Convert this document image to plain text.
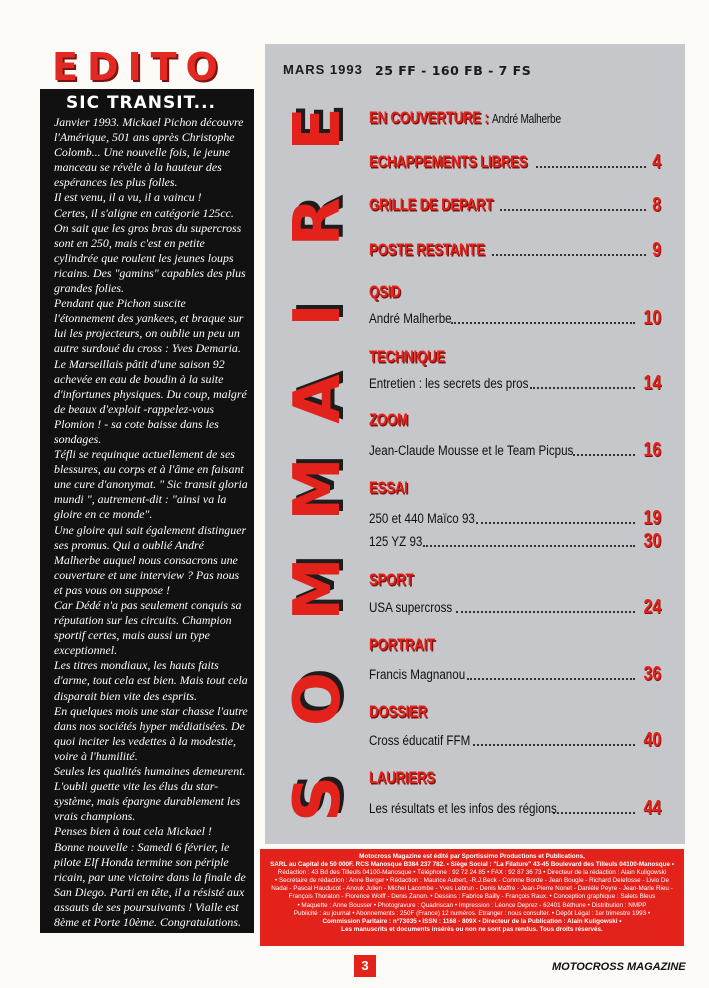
EDITO
SIC TRANSIT...

Janvier 1993. Mickael Pichon découvre l'Amérique, 501 ans après Christophe Colomb... Une nouvelle fois, le jeune manceau se révèle à la hauteur des espérances les plus folles.

Il est venu, il a vu, il a vaincu !

Certes, il s'aligne en catégorie 125cc. On sait que les gros bras du supercross sont en 250, mais c'est en petite cylindrée que roulent les jeunes loups ricains. Des "gamins" capables des plus grandes folies.

Pendant que Pichon suscite l'étonnement des yankees, et braque sur lui les projecteurs, on oublie un peu un autre surdoué du cross : Yves Demaria. Le Marseillais pâtit d'une saison 92 achevée en eau de boudin à la suite d'infortunes physiques. Du coup, malgré de beaux d'exploit -rappelez-vous Plomion ! - sa cote baisse dans les sondages.

Téfli se requinque actuellement de ses blessures, au corps et à l'âme en faisant une cure d'anonymat. " Sic transit gloria mundi ", autrement-dit : "ainsi va la gloire en ce monde".

Une gloire qui sait également distinguer ses promus. Qui a oublié André Malherbe auquel nous consacrons une couverture et une interview ? Pas nous et pas vous on suppose !

Car Dédé n'a pas seulement conquis sa réputation sur les circuits. Champion sportif certes, mais aussi un type exceptionnel.

Les titres mondiaux, les hauts faits d'arme, tout cela est bien. Mais tout cela disparait bien vite des esprits.

En quelques mois une star chasse l'autre dans nos sociétés hyper médiatisées. De quoi inciter les vedettes à la modestie, voire à l'humilité.

Seules les qualités humaines demeurent. L'oubli guette vite les élus du star-système, mais épargne durablement les vrais champions.

Penses bien à tout cela Mickael !

Bonne nouvelle : Samedi 6 février, le pilote Elf Honda termine son périple ricain, par une victoire dans la finale de San Diego. Parti en tête, il a résisté aux assauts de ses poursuivants ! Vialle est 8ème et Porte 10ème. Congratulations.

MARS 1993 25 FF - 160 FB - 7 FS
E
R
I
A
M
M
O
S
EN COUVERTURE : André Malherbe
ECHAPPEMENTS LIBRES	4
GRILLE DE DEPART	8
POSTE RESTANTE	9
QSID
André Malherbe	10
TECHNIQUE
Entretien : les secrets des pros	14
ZOOM
Jean-Claude Mousse et le Team Picpus	16
ESSAI
250 et 440 Maïco 93	19
125 YZ 93	30
SPORT
USA supercross	24
PORTRAIT
Francis Magnanou	36
DOSSIER
Cross éducatif FFM	40
LAURIERS
Les résultats et les infos des régions	44
Motocross Magazine est édité par Sportissimo Productions et Publications,
SARL au Capital de 50 000F. RCS Manosque B384 237 782. • Siège Social : "La Filature" 43-45 Boulevard des Tilleuls 04100-Manosque •
Rédaction : 43 Bd des Tilleuls 04100-Manosque • Téléphone : 92 72 24 85 • FAX : 92 87 36 73 • Directeur de la rédaction : Alain Kuligowski
• Secrétaire de rédaction : Anne Berger • Rédaction : Maurice Aubert, -R.J.Beck - Corinne Borde - Jean Bougle - Richard Delefosse - Livio De Nadai - Pascal Hauducot - Anouk Julien - Michel Lacombe - Yves Lebrun - Denis Maffre - Jean-Pierre Nonet - Danièle Peyre - Jean-Marie Rieu - François Thoraton - Florence Wolff - Denis Zanon. • Dessins : Fabrice Bailly - François Raux. • Conception graphique : Salets Bleus
• Maquette : Anne Bousser • Photogravure : Quadriscan • Impression : Léonce Deprez - 62401 Béthune • Distribution : NMPP
Publicité : au journal • Abonnements : 250F (France) 12 numéros. Etranger : nous consulter. • Dépôt Légal : 1er trimestre 1993 •
Commission Paritaire : n°73035 • ISSN : 1168 - 809X • Directeur de la Publication : Alain Kuligowski •
Les manuscrits et documents insérés ou non ne sont pas rendus. Tous droits réservés.
3	MOTOCROSS MAGAZINE
